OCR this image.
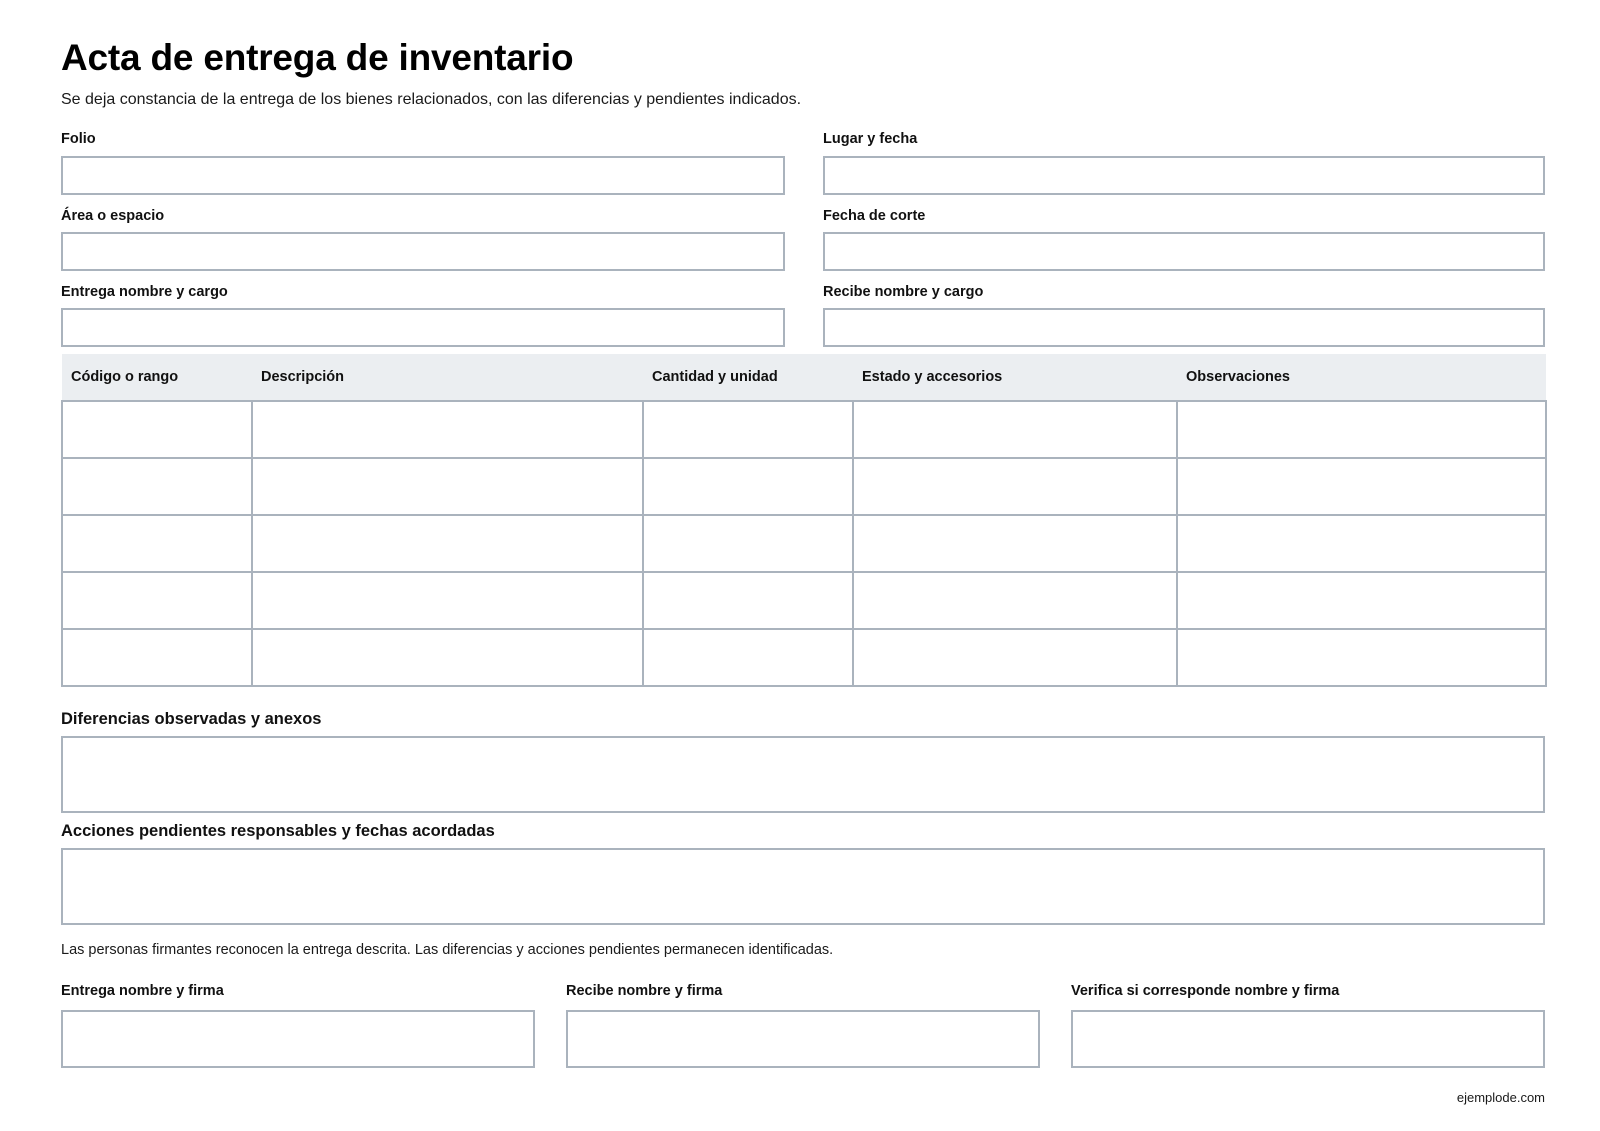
Acta de entrega de inventario

Se deja constancia de la entrega de los bienes relacionados, con las diferencias y pendientes indicados.

Folio	Lugar y fecha
Área o espacio	Fecha de corte
Entrega nombre y cargo	Recibe nombre y cargo
Código o rango	Descripción	Cantidad y unidad	Estado y accesorios	Observaciones

Diferencias observadas y anexos
Acciones pendientes responsables y fechas acordadas
Las personas firmantes reconocen la entrega descrita. Las diferencias y acciones pendientes permanecen identificadas.
Entrega nombre y firma	Recibe nombre y firma	Verifica si corresponde nombre y firma
ejemplode.com
